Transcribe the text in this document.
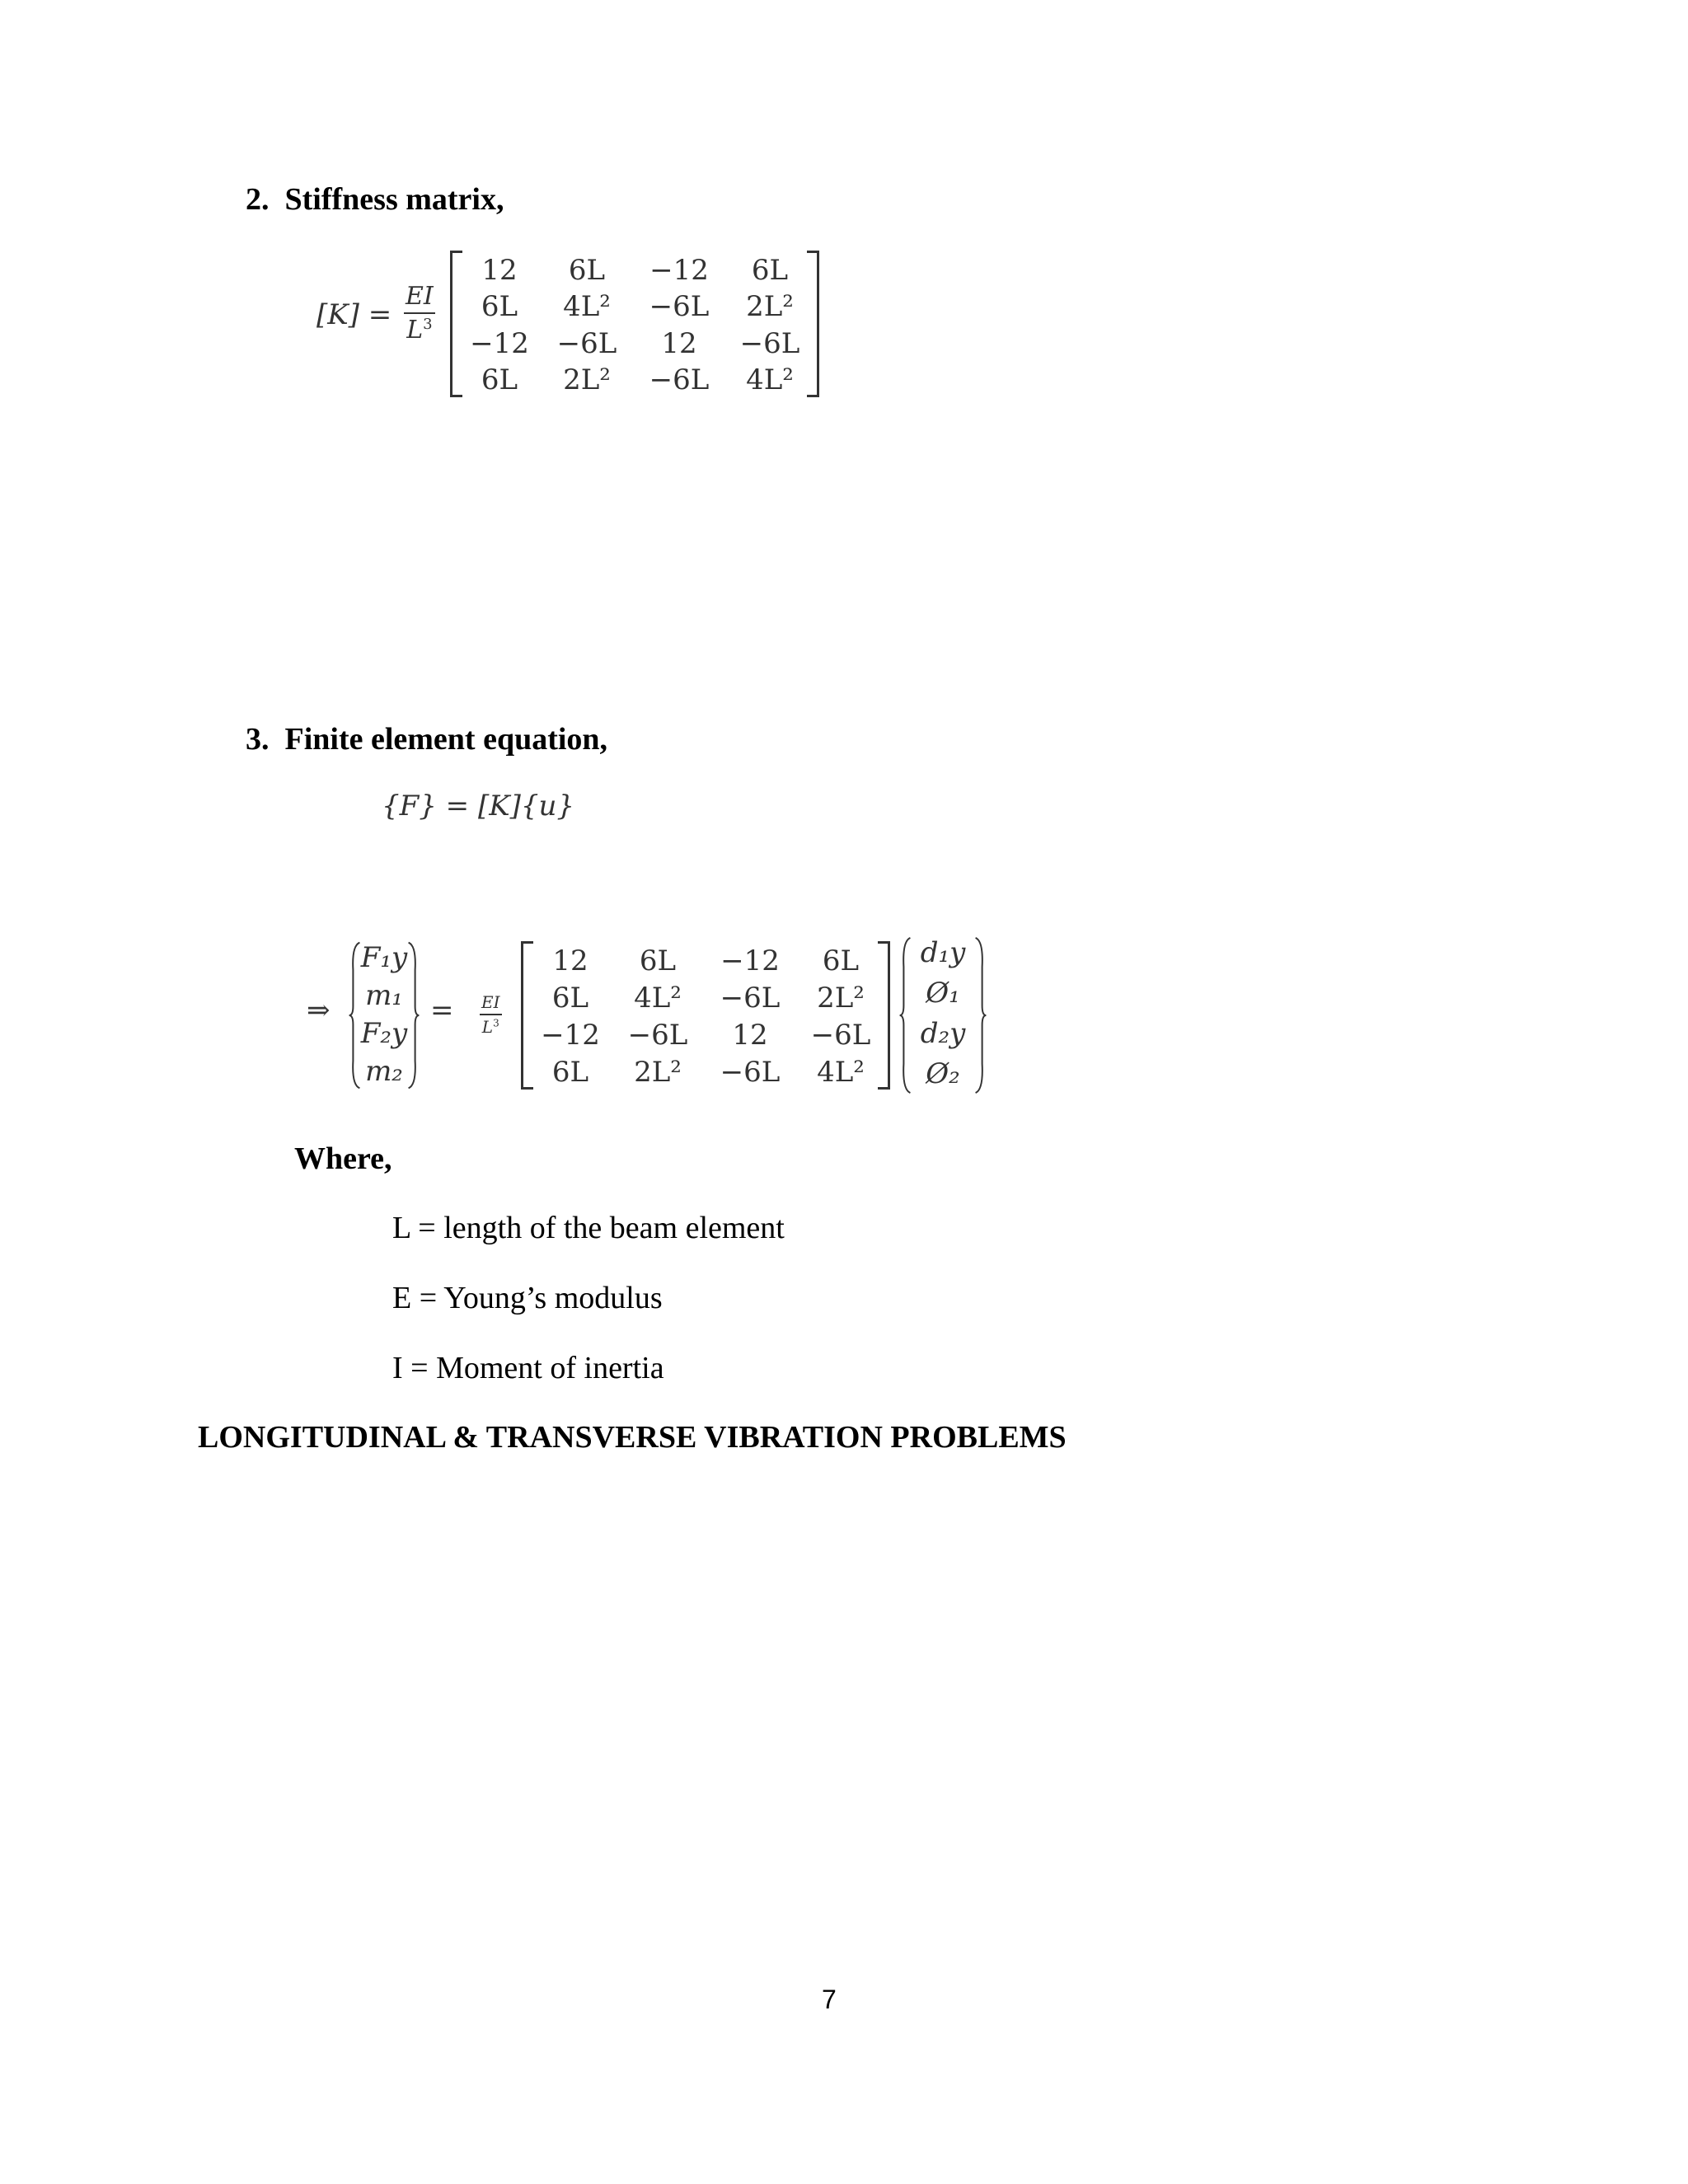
2. Stiffness matrix,
$[K] = \frac{EI}{L^3}$
12	6L	−12	6L
6L	4L²	−6L	2L²
−12 −6L	12	−6L
6L	2L²	−6L	4L²
3. Finite element equation,
{F} = [K]{u}
⇒
F₁y
m₁
F₂y
m₂
= $\frac{EI}{L^3}$
12	6L	−12	6L
6L	4L²	−6L	2L²
−12 −6L	12	−6L
6L	2L²	−6L	4L²
d₁y
Ø₁
d₂y
Ø₂
Where,
L = length of the beam element
E = Young’s modulus
I = Moment of inertia
LONGITUDINAL & TRANSVERSE VIBRATION PROBLEMS
7
